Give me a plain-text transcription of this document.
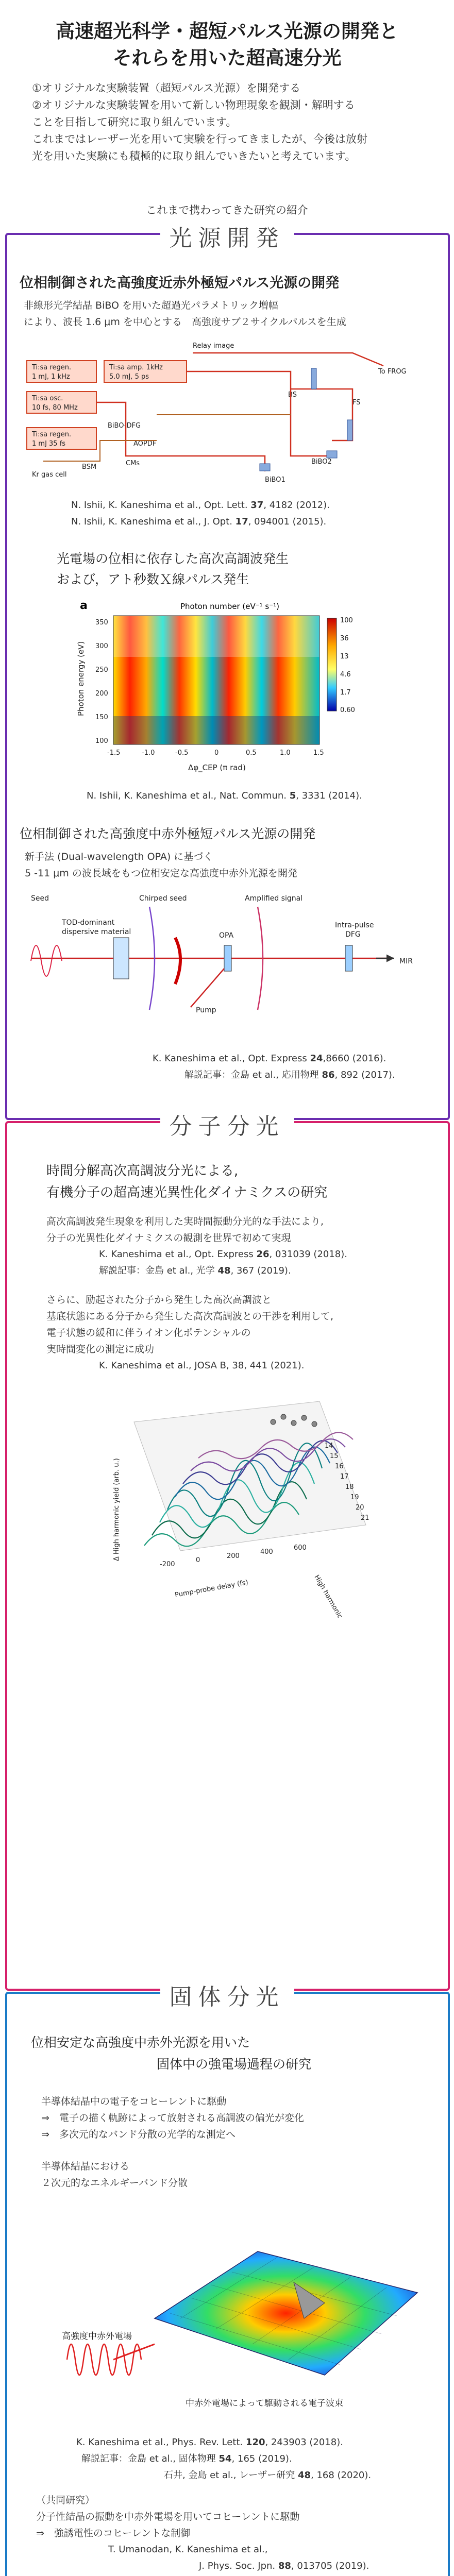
高速超光科学・超短パルス光源の開発と
それらを用いた超高速分光

①オリジナルな実験装置（超短パルス光源）を開発する

②オリジナルな実験装置を用いて新しい物理現象を観測・解明する

ことを目指して研究に取り組んでいます。

これまではレーザー光を用いて実験を行ってきましたが、今後は放射

光を用いた実験にも積極的に取り組んでいきたいと考えています。

これまで携わってきた研究の紹介
光源開発
位相制御された高強度近赤外極短パルス光源の開発
非線形光学結晶 BiBO を用いた超過光パラメトリック増幅
により、波長 1.6 μm を中心とする　高強度サブ２サイクルパルスを生成
Ti:sa regen.
1 mJ, 1 kHz
Ti:sa amp. 1kHz
5.0 mJ, 5 ps
Ti:sa osc.
10 fs, 80 MHz
Ti:sa regen.
1 mJ 35 fs
Kr gas cell
Relay image
BiBO-DFG
AOPDF
BSM	CMs
BS
FS
To FROG
BiBO1
BiBO2
N. Ishii, K. Kaneshima et al., Opt. Lett. 37, 4182 (2012).
N. Ishii, K. Kaneshima et al., J. Opt. 17, 094001 (2015).
光電場の位相に依存した高次高調波発生
および，アト秒数Ｘ線パルス発生
a	Photon number (eV⁻¹ s⁻¹)
100
36
13
4.6
1.7
0.60
350
300
250
200
150
100
-1.5	-1.0	-0.5	0	0.5	1.0	1.5
Δφ_CEP (π rad)
Photon energy (eV)
N. Ishii, K. Kaneshima et al., Nat. Commun. 5, 3331 (2014).
位相制御された高強度中赤外極短パルス光源の開発
新手法 (Dual-wavelength OPA) に基づく
5 -11 μm の波長域をもつ位相安定な高強度中赤外光源を開発
Seed	Chirped seed	Amplified signal
TOD-dominant
dispersive material	OPA
Intra-pulse
DFG
Pump
MIR
K. Kaneshima et al., Opt. Express 24,8660 (2016).
解説記事：金島 et al., 応用物理 86, 892 (2017).
分子分光
時間分解高次高調波分光による,
有機分子の超高速光異性化ダイナミクスの研究
高次高調波発生現象を利用した実時間振動分光的な手法により,
分子の光異性化ダイナミクスの観測を世界で初めて実現
K. Kaneshima et al., Opt. Express 26, 031039 (2018).
解説記事：金島 et al., 光学 48, 367 (2019).
さらに、励起された分子から発生した高次高調波と
基底状態にある分子から発生した高次高調波との干渉を利用して,
電子状態の緩和に伴うイオン化ポテンシャルの
実時間変化の測定に成功
K. Kaneshima et al., JOSA B, 38, 441 (2021).
Δ High harmonic yield (arb. u.)
Pump-probe delay (fs)
-200
0
200
400
600
14
15
16
17
18
19
20
21
固体分光
位相安定な高強度中赤外光源を用いた
固体中の強電場過程の研究
半導体結晶中の電子をコヒーレントに駆動
⇒　電子の描く軌跡によって放射される高調波の偏光が変化
⇒　多次元的なバンド分散の光学的な測定へ
半導体結晶における
２次元的なエネルギーバンド分散
高強度中赤外電場
中赤外電場によって駆動される電子波束
K. Kaneshima et al., Phys. Rev. Lett. 120, 243903 (2018).
解説記事：金島 et al., 固体物理 54, 165 (2019).
石井, 金島 et al., レーザー研究 48, 168 (2020).
（共同研究）
分子性結晶の振動を中赤外電場を用いてコヒーレントに駆動
⇒　強誘電性のコヒーレントな制御
T. Umanodan, K. Kaneshima et al.,
J. Phys. Soc. Jpn. 88, 013705 (2019).
